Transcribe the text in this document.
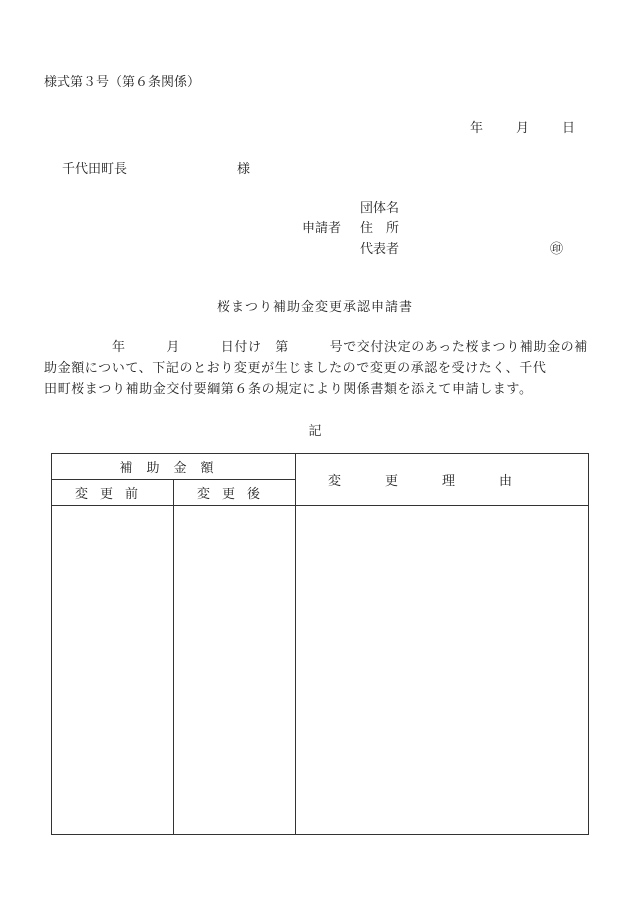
様式第３号（第６条関係）
年	月	日
千代田町長	様
団体名
申請者 住　所
代表者	㊞
桜まつり補助金変更承認申請書
　　　　　年　　　月　　　日付け　第　　　号で交付決定のあった桜まつり補助金の補
助金額について、下記のとおり変更が生じましたので変更の承認を受けたく、千代
田町桜まつり補助金交付要綱第６条の規定により関係書類を添えて申請します。
記
補助金額		変更理由
変更前	変更後	
